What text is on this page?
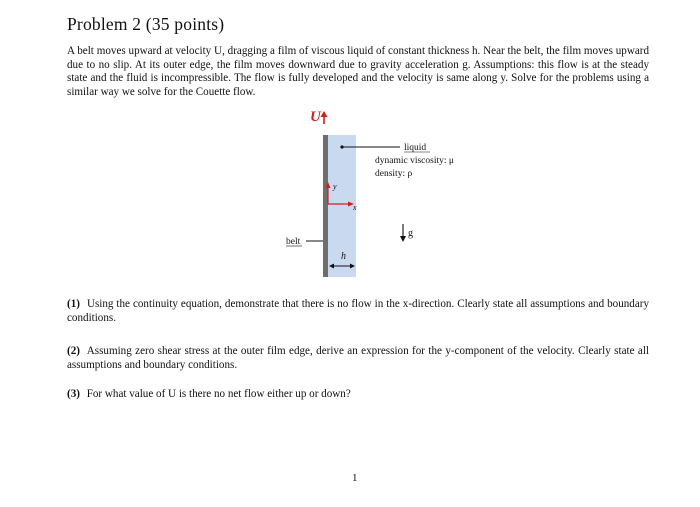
Problem 2 (35 points)

A belt moves upward at velocity U, dragging a film of viscous liquid of constant thickness h. Near the belt, the film moves upward due to no slip. At its outer edge, the film moves downward due to gravity acceleration g. Assumptions: this flow is at the steady state and the fluid is incompressible. The flow is fully developed and the velocity is same along y. Solve for the problems using a similar way we solve for the Couette flow.

U
y
x
liquid
dynamic viscosity: μ
density: ρ
g
belt
h

(1) Using the continuity equation, demonstrate that there is no flow in the x-direction. Clearly state all assumptions and boundary conditions.

(2) Assuming zero shear stress at the outer film edge, derive an expression for the y-component of the velocity. Clearly state all assumptions and boundary conditions.

(3) For what value of U is there no net flow either up or down?

1
